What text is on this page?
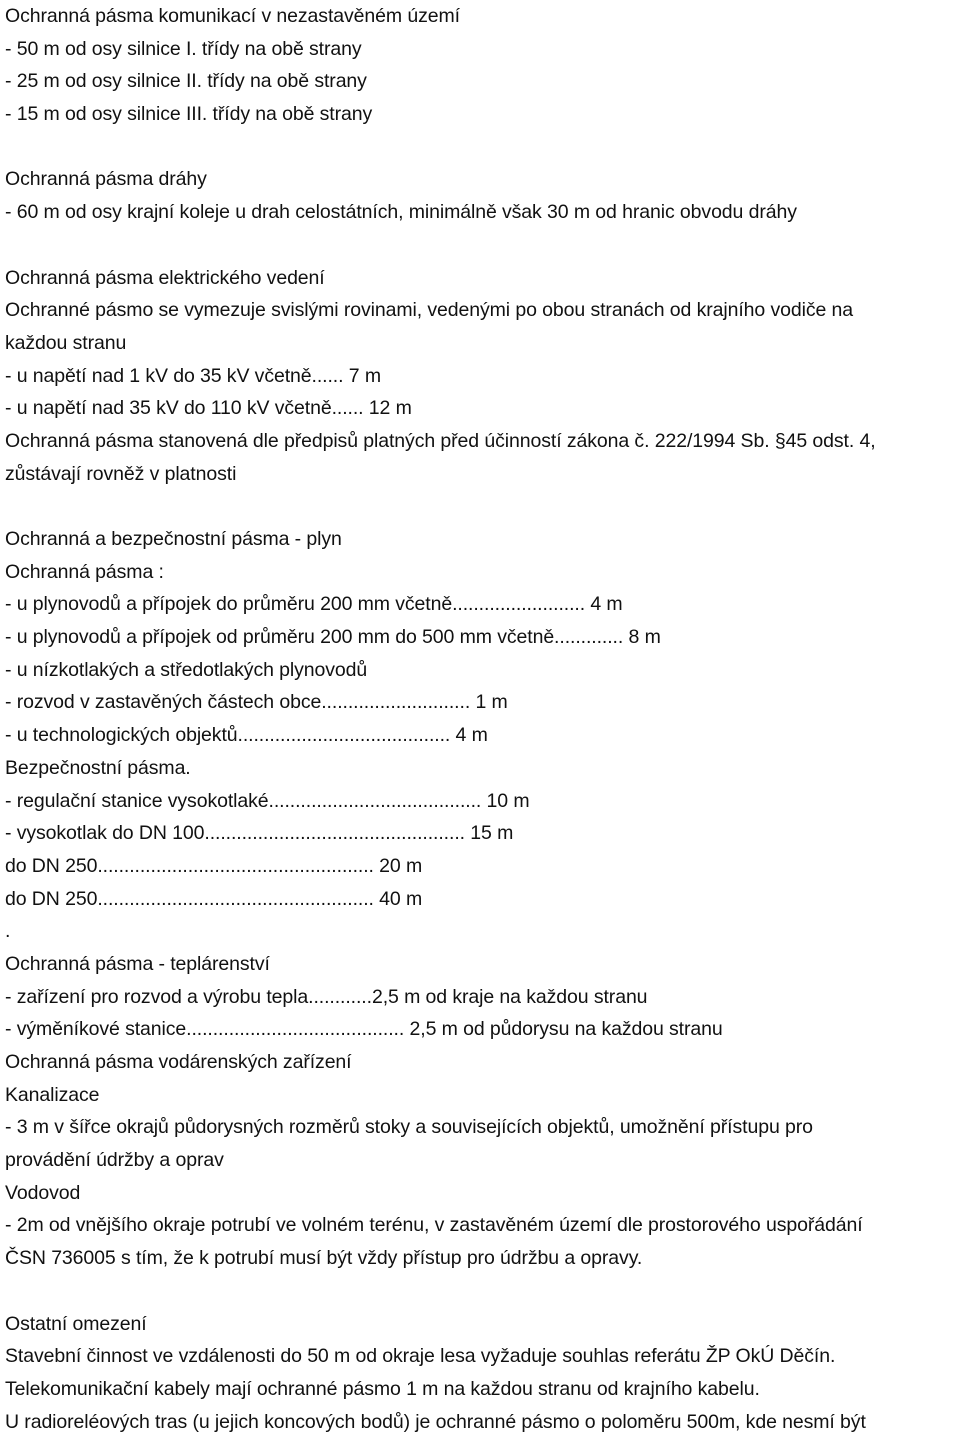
Ochranná pásma komunikací v nezastavěném území
- 50 m od osy silnice I. třídy na obě strany
- 25 m od osy silnice II. třídy na obě strany
- 15 m od osy silnice III. třídy na obě strany
Ochranná pásma dráhy
- 60 m od osy krajní koleje u drah celostátních, minimálně však 30 m od hranic obvodu dráhy
Ochranná pásma elektrického vedení
Ochranné pásmo se vymezuje svislými rovinami, vedenými po obou stranách od krajního vodiče na
každou stranu
- u napětí nad 1 kV do 35 kV včetně...... 7 m
- u napětí nad 35 kV do 110 kV včetně...... 12 m
Ochranná pásma stanovená dle předpisů platných před účinností zákona č. 222/1994 Sb. §45 odst. 4,
zůstávají rovněž v platnosti
Ochranná a bezpečnostní pásma - plyn
Ochranná pásma :
- u plynovodů a přípojek do průměru 200 mm včetně......................... 4 m
- u plynovodů a přípojek od průměru 200 mm do 500 mm včetně............. 8 m
- u nízkotlakých a středotlakých plynovodů
- rozvod v zastavěných částech obce............................ 1 m
- u technologických objektů........................................ 4 m
Bezpečnostní pásma.
- regulační stanice vysokotlaké........................................ 10 m
- vysokotlak do DN 100................................................. 15 m
do DN 250.................................................... 20 m
do DN 250.................................................... 40 m
.
Ochranná pásma - teplárenství
- zařízení pro rozvod a výrobu tepla............2,5 m od kraje na každou stranu
- výměníkové stanice......................................... 2,5 m od půdorysu na každou stranu
Ochranná pásma vodárenských zařízení
Kanalizace
- 3 m v šířce okrajů půdorysných rozměrů stoky a souvisejících objektů, umožnění přístupu pro
provádění údržby a oprav
Vodovod
- 2m od vnějšího okraje potrubí ve volném terénu, v zastavěném území dle prostorového uspořádání
ČSN 736005 s tím, že k potrubí musí být vždy přístup pro údržbu a opravy.
Ostatní omezení
Stavební činnost ve vzdálenosti do 50 m od okraje lesa vyžaduje souhlas referátu ŽP OkÚ Děčín.
Telekomunikační kabely mají ochranné pásmo 1 m na každou stranu od krajního kabelu.
U radioreléových tras (u jejich koncových bodů) je ochranné pásmo o poloměru 500m, kde nesmí být
